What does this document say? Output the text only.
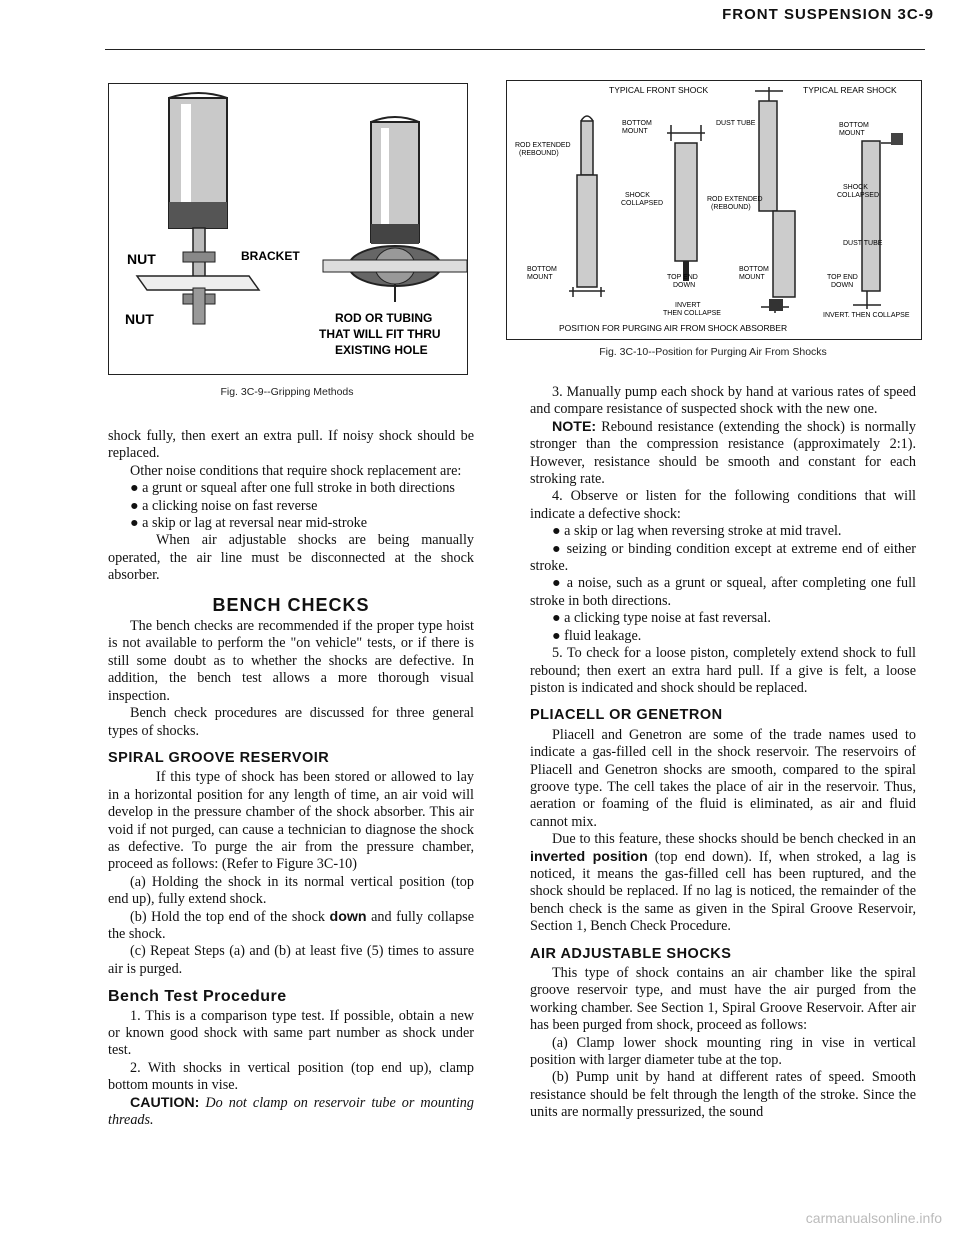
FRONT SUSPENSION 3C-9
NUT	BRACKET
NUT	ROD OR TUBING
THAT WILL FIT THRU
EXISTING HOLE
Fig. 3C-9--Gripping Methods
TYPICAL FRONT SHOCK	TYPICAL REAR SHOCK
BOTTOM
MOUNT
DUST TUBE
ROD EXTENDED
(REBOUND)
BOTTOM
MOUNT
SHOCK
COLLAPSED
ROD EXTENDED
(REBOUND)
SHOCK
COLLAPSED
DUST TUBE
BOTTOM
MOUNT	TOP END
DOWN
BOTTOM
MOUNT	TOP END
DOWN
INVERT
THEN COLLAPSE	INVERT. THEN COLLAPSE
POSITION FOR PURGING AIR FROM SHOCK ABSORBER
Fig. 3C-10--Position for Purging Air From Shocks

shock fully, then exert an extra pull. If noisy shock should be replaced.

Other noise conditions that require shock replacement are:

● a grunt or squeal after one full stroke in both directions

● a clicking noise on fast reverse

● a skip or lag at reversal near mid-stroke

When air adjustable shocks are being manually operated, the air line must be disconnected at the shock absorber.

BENCH CHECKS

The bench checks are recommended if the proper type hoist is not available to perform the "on vehicle" tests, or if there is still some doubt as to whether the shocks are defective. In addition, the bench test allows a more thorough visual inspection.

Bench check procedures are discussed for three general types of shocks.

SPIRAL GROOVE RESERVOIR

If this type of shock has been stored or allowed to lay in a horizontal position for any length of time, an air void will develop in the pressure chamber of the shock absorber. This air void if not purged, can cause a technician to diagnose the shock as defective. To purge the air from the pressure chamber, proceed as follows: (Refer to Figure 3C-10)

(a) Holding the shock in its normal vertical position (top end up), fully extend shock.

(b) Hold the top end of the shock down and fully collapse the shock.

(c) Repeat Steps (a) and (b) at least five (5) times to assure air is purged.

Bench Test Procedure

1. This is a comparison type test. If possible, obtain a new or known good shock with same part number as shock under test.

2. With shocks in vertical position (top end up), clamp bottom mounts in vise.

CAUTION: Do not clamp on reservoir tube or mounting threads.

3. Manually pump each shock by hand at various rates of speed and compare resistance of suspected shock with the new one.

NOTE: Rebound resistance (extending the shock) is normally stronger than the compression resistance (approximately 2:1). However, resistance should be smooth and constant for each stroking rate.

4. Observe or listen for the following conditions that will indicate a defective shock:

● a skip or lag when reversing stroke at mid travel.

● seizing or binding condition except at extreme end of either stroke.

● a noise, such as a grunt or squeal, after completing one full stroke in both directions.

● a clicking type noise at fast reversal.

● fluid leakage.

5. To check for a loose piston, completely extend shock to full rebound; then exert an extra hard pull. If a give is felt, a loose piston is indicated and shock should be replaced.

PLIACELL OR GENETRON

Pliacell and Genetron are some of the trade names used to indicate a gas-filled cell in the shock reservoir. The reservoirs of Pliacell and Genetron shocks are smooth, compared to the spiral groove type. The cell takes the place of air in the reservoir. Thus, aeration or foaming of the fluid is eliminated, as air and fluid cannot mix.

Due to this feature, these shocks should be bench checked in an inverted position (top end down). If, when stroked, a lag is noticed, it means the gas-filled cell has been ruptured, and the shock should be replaced. If no lag is noticed, the remainder of the bench check is the same as given in the Spiral Groove Reservoir, Section 1, Bench Check Procedure.

AIR ADJUSTABLE SHOCKS

This type of shock contains an air chamber like the spiral groove reservoir type, and must have the air purged from the working chamber. See Section 1, Spiral Groove Reservoir. After air has been purged from shock, proceed as follows:

(a) Clamp lower shock mounting ring in vise in vertical position with larger diameter tube at the top.

(b) Pump unit by hand at different rates of speed. Smooth resistance should be felt through the length of the stroke. Since the units are normally pressurized, the sound

carmanualsonline.info
